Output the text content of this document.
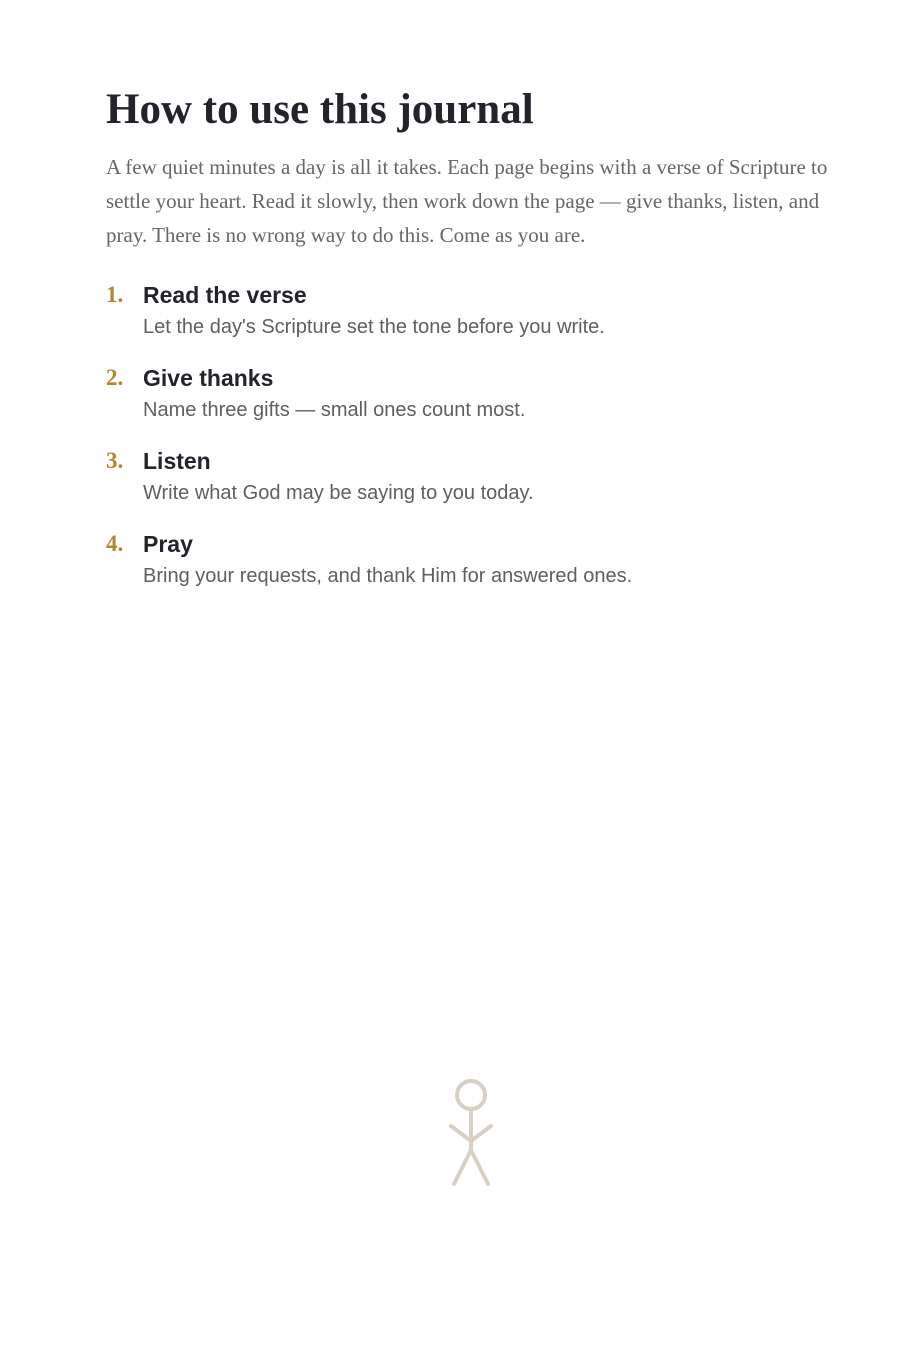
How to use this journal

A few quiet minutes a day is all it takes. Each page begins with a verse of Scripture to settle your heart. Read it slowly, then work down the page — give thanks, listen, and pray. There is no wrong way to do this. Come as you are.

1. Read the verse
Let the day's Scripture set the tone before you write.
2. Give thanks
Name three gifts — small ones count most.
3. Listen
Write what God may be saying to you today.
4. Pray
Bring your requests, and thank Him for answered ones.
